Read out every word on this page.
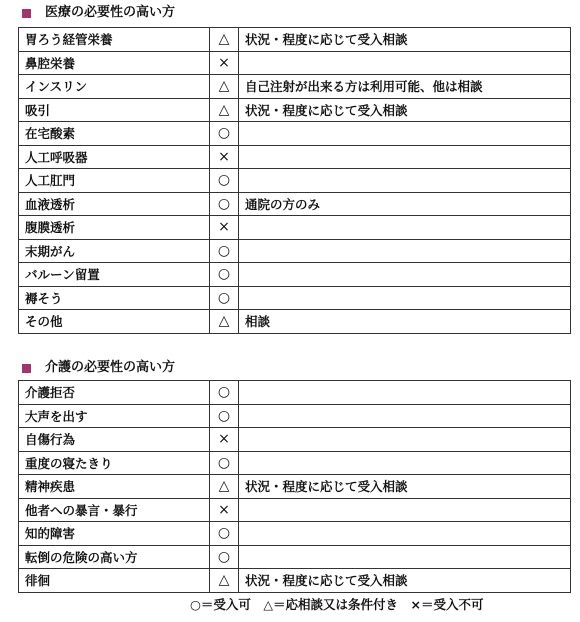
医療の必要性の高い方
胃ろう経管栄養	△	状況・程度に応じて受入相談
鼻腔栄養	×	
インスリン	△	自己注射が出来る方は利用可能、他は相談
吸引	△	状況・程度に応じて受入相談
在宅酸素	○	
人工呼吸器	×	
人工肛門	○	
血液透析	○	通院の方のみ
腹膜透析	×	
末期がん	○	
バルーン留置	○	
褥そう	○	
その他	△	相談
介護の必要性の高い方
介護拒否	○	
大声を出す	○	
自傷行為	×	
重度の寝たきり	○	
精神疾患	△	状況・程度に応じて受入相談
他者への暴言・暴行	×	
知的障害	○	
転倒の危険の高い方	○	
徘徊	△	状況・程度に応じて受入相談
○＝受入可　△＝応相談又は条件付き　×＝受入不可
